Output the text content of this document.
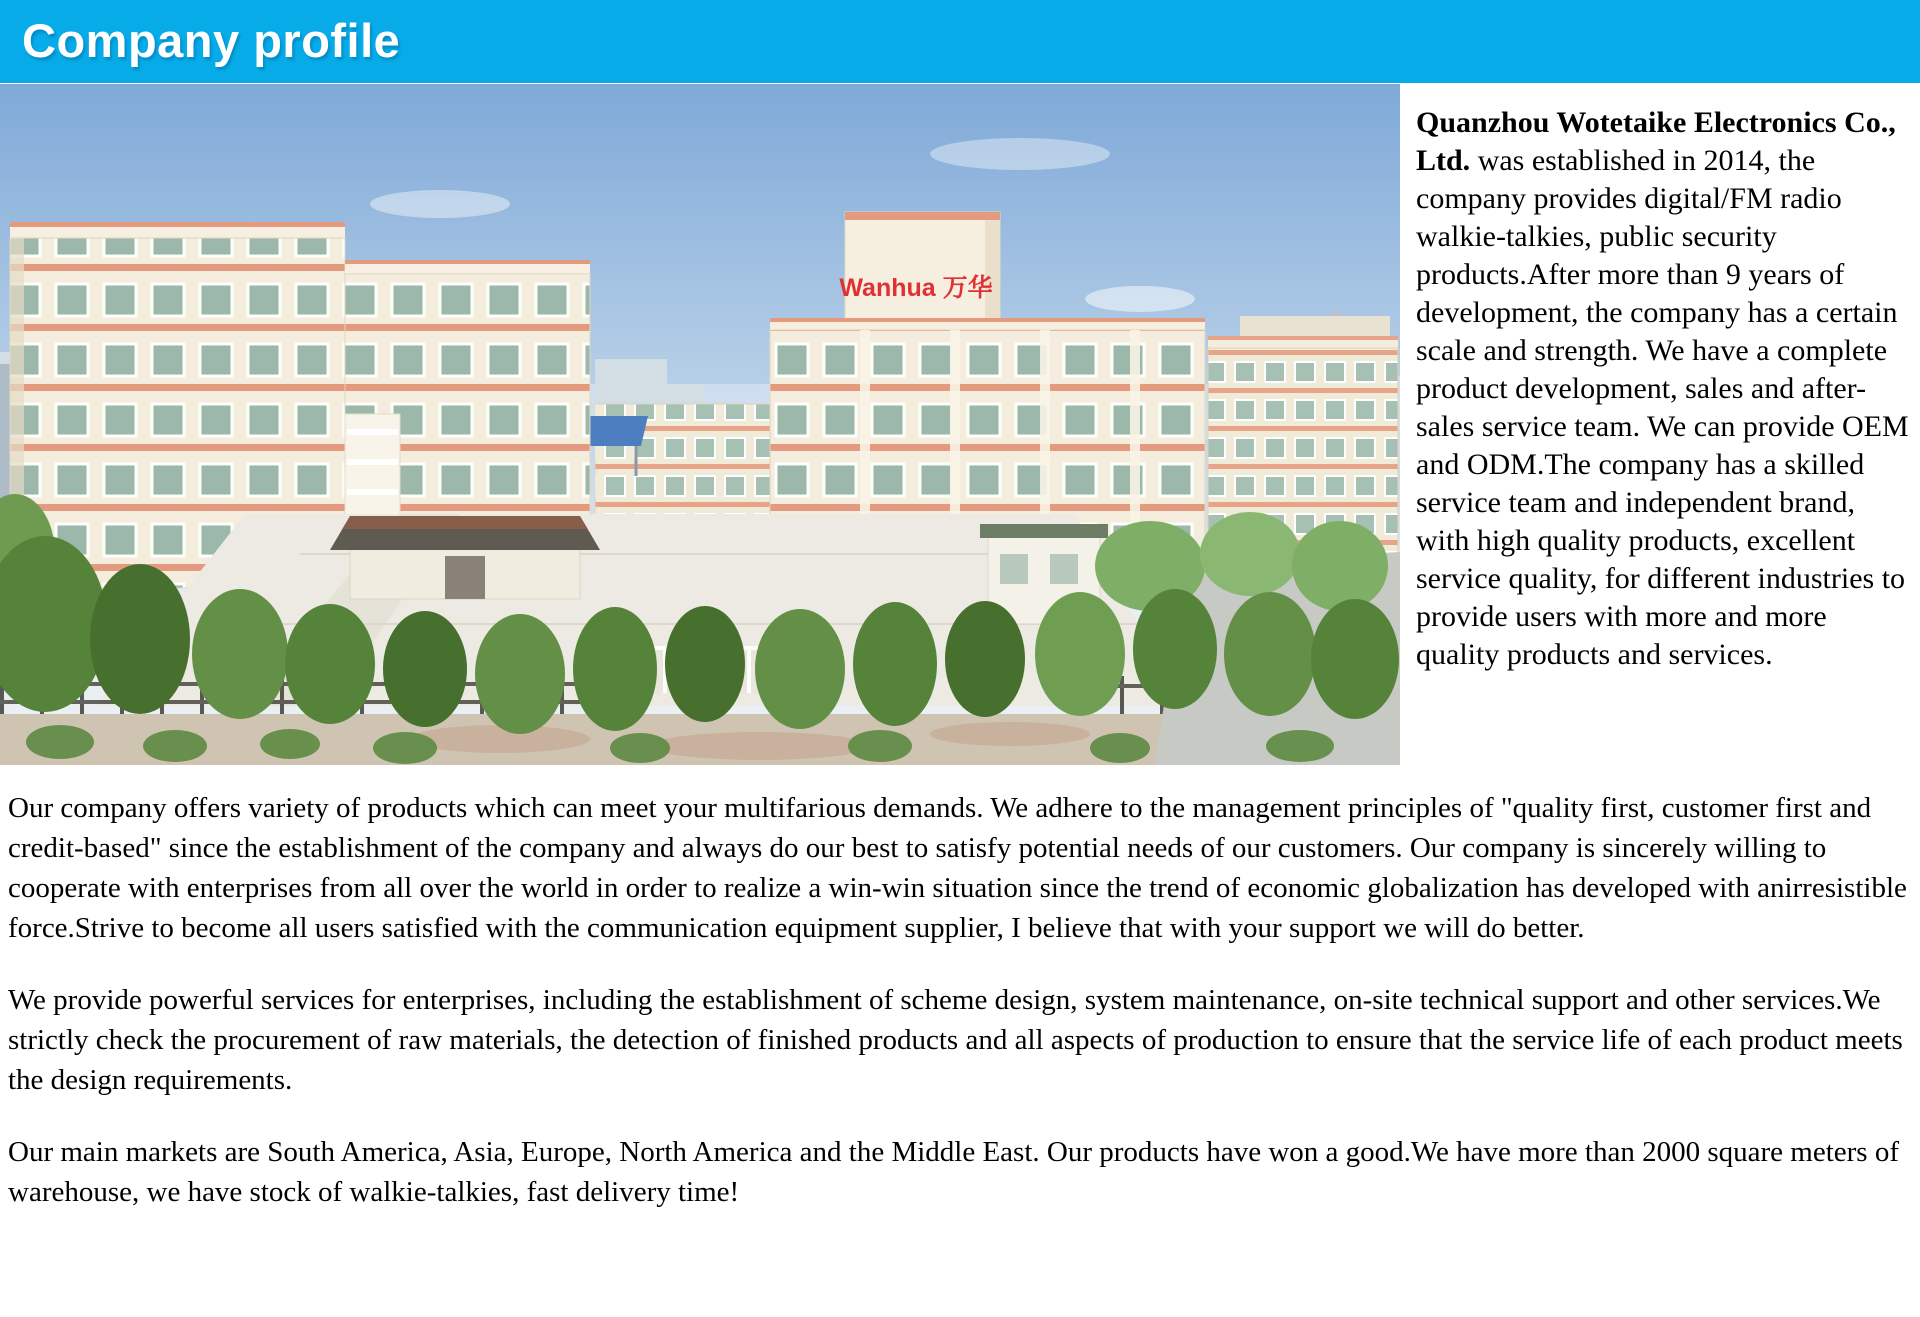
Company profile
Wanhua 万华
Quanzhou Wotetaike Electronics Co., Ltd. was established in 2014, the company provides digital/FM radio walkie-talkies, public security products.After more than 9 years of development, the company has a certain scale and strength. We have a complete product development, sales and after-sales service team. We can provide OEM and ODM.The company has a skilled service team and independent brand, with high quality products, excellent service quality, for different industries to provide users with more and more quality products and services.

Our company offers variety of products which can meet your multifarious demands. We adhere to the management principles of "quality first, customer first and credit-based" since the establishment of the company and always do our best to satisfy potential needs of our customers. Our company is sincerely willing to cooperate with enterprises from all over the world in order to realize a win-win situation since the trend of economic globalization has developed with anirresistible force.Strive to become all users satisfied with the communication equipment supplier, I believe that with your support we will do better.

We provide powerful services for enterprises, including the establishment of scheme design, system maintenance, on-site technical support and other services.We strictly check the procurement of raw materials, the detection of finished products and all aspects of production to ensure that the service life of each product meets the design requirements.

Our main markets are South America, Asia, Europe, North America and the Middle East. Our products have won a good.We have more than 2000 square meters of warehouse, we have stock of walkie-talkies, fast delivery time!
